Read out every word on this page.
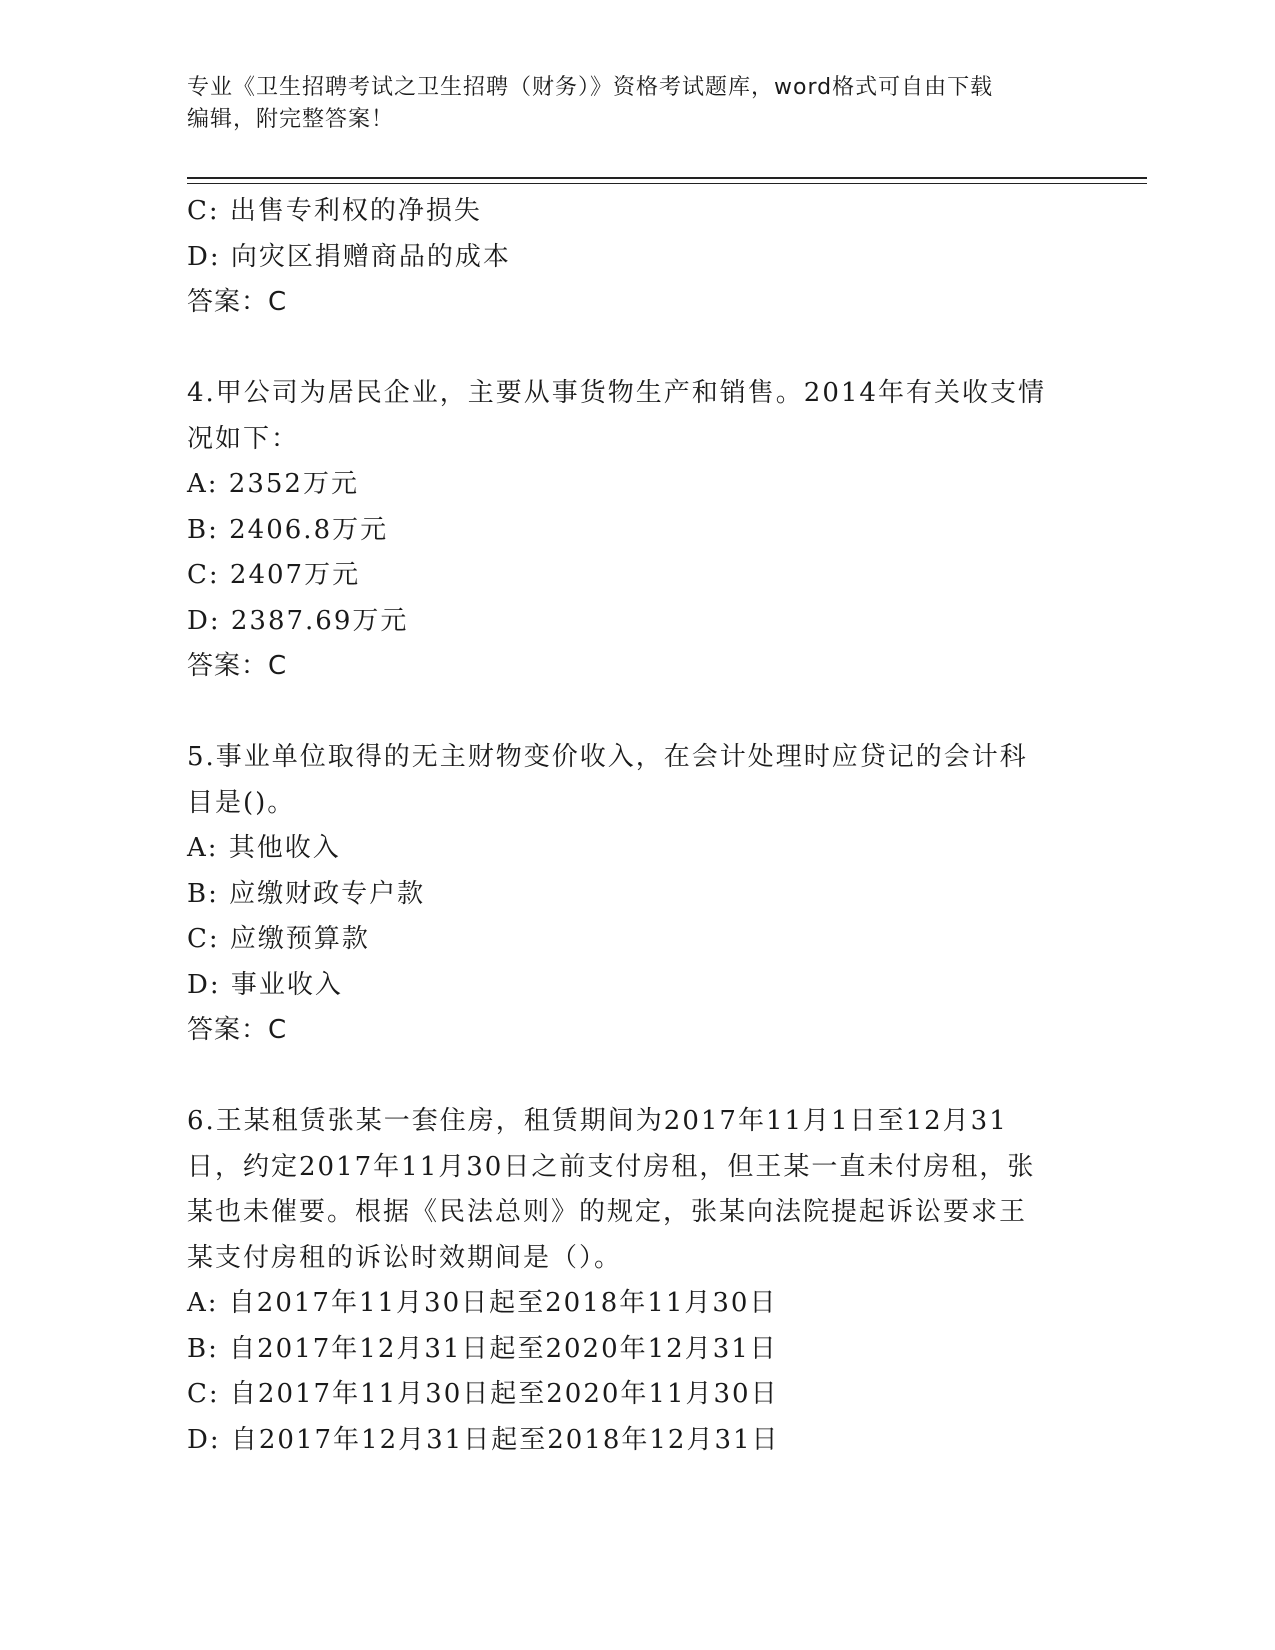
专业《卫生招聘考试之卫生招聘（财务）》资格考试题库，word格式可自由下载
编辑，附完整答案！
C: 出售专利权的净损失
D: 向灾区捐赠商品的成本
答案：C
4.甲公司为居民企业，主要从事货物生产和销售。2014年有关收支情
况如下：
A: 2352万元
B: 2406.8万元
C: 2407万元
D: 2387.69万元
答案：C
5.事业单位取得的无主财物变价收入，在会计处理时应贷记的会计科
目是()。
A: 其他收入
B: 应缴财政专户款
C: 应缴预算款
D: 事业收入
答案：C
6.王某租赁张某一套住房，租赁期间为2017年11月1日至12月31
日，约定2017年11月30日之前支付房租，但王某一直未付房租，张
某也未催要。根据《民法总则》的规定，张某向法院提起诉讼要求王
某支付房租的诉讼时效期间是（）。
A: 自2017年11月30日起至2018年11月30日
B: 自2017年12月31日起至2020年12月31日
C: 自2017年11月30日起至2020年11月30日
D: 自2017年12月31日起至2018年12月31日
